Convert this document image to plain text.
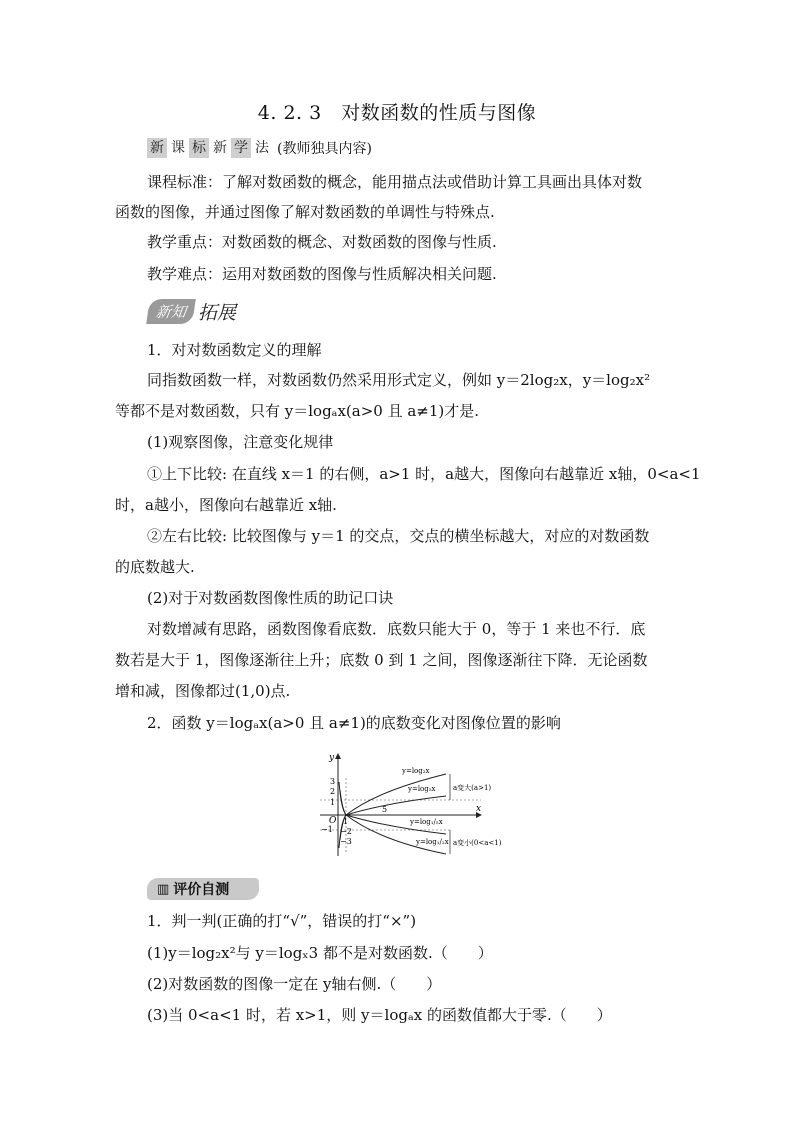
4. 2. 3　对数函数的性质与图像
新 课 标 新 学 法 (教师独具内容)
课程标准：了解对数函数的概念，能用描点法或借助计算工具画出具体对数
函数的图像，并通过图像了解对数函数的单调性与特殊点.
教学重点：对数函数的概念、对数函数的图像与性质.
教学难点：运用对数函数的图像与性质解决相关问题.
新知 拓展
1．对对数函数定义的理解
同指数函数一样，对数函数仍然采用形式定义，例如 y＝2log₂x，y＝log₂x²
等都不是对数函数，只有 y＝logₐx(a>0 且 a≠1)才是.
(1)观察图像，注意变化规律
①上下比较: 在直线 x＝1 的右侧，a>1 时，a越大，图像向右越靠近 x轴，0<a<1
时，a越小，图像向右越靠近 x轴.
②左右比较: 比较图像与 y＝1 的交点，交点的横坐标越大，对应的对数函数
的底数越大.
(2)对于对数函数图像性质的助记口诀
对数增减有思路，函数图像看底数．底数只能大于 0，等于 1 来也不行．底
数若是大于 1，图像逐渐往上升；底数 0 到 1 之间，图像逐渐往下降．无论函数
增和减，图像都过(1,0)点.
2．函数 y＝logₐx(a>0 且 a≠1)的底数变化对图像位置的影响
y
x
O
3
2
1
−1 −2
−3
1
5
y=log₂x
y=log₅x
y=log₁/₅x
y=log₁/₂x
a变大(a>1)
a变小(0<a<1)
▥ 评价自测
1．判一判(正确的打“√”，错误的打“×”)
(1)y＝log₂x²与 y＝logₓ3 都不是对数函数.（　　）
(2)对数函数的图像一定在 y轴右侧.（　　）
(3)当 0<a<1 时，若 x>1，则 y＝logₐx 的函数值都大于零.（　　）
